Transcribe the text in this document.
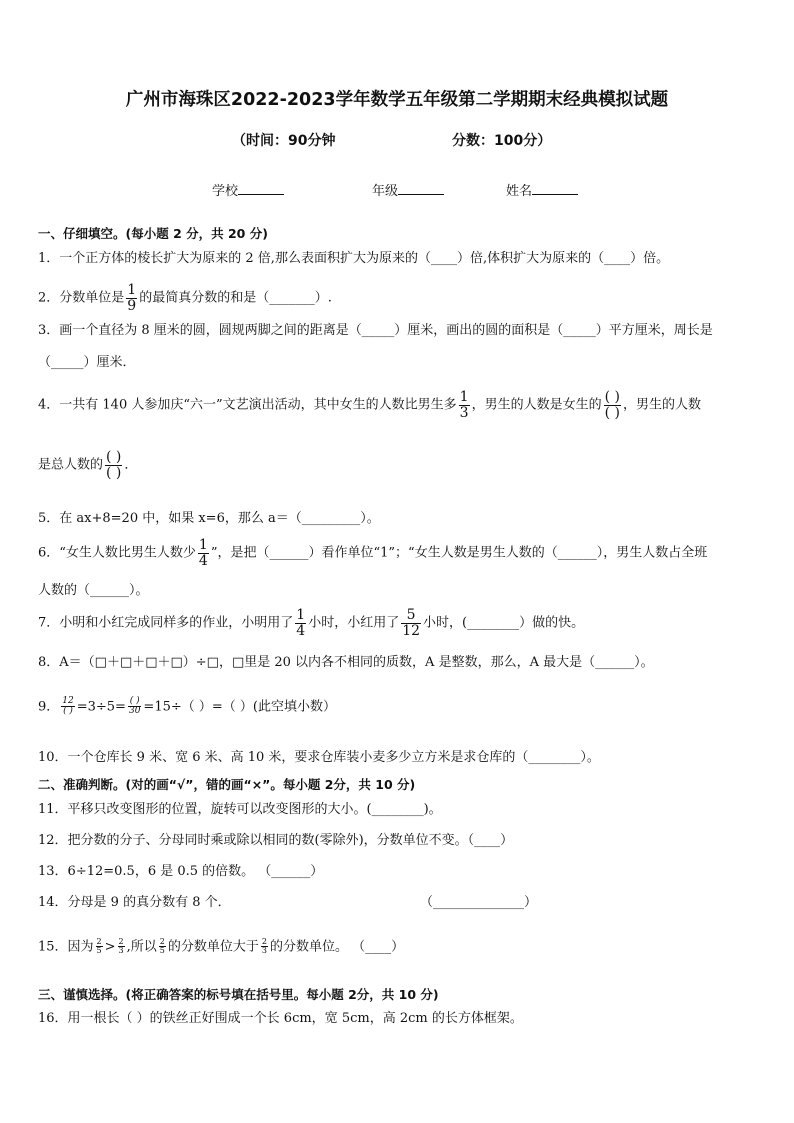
广州市海珠区2022-2023学年数学五年级第二学期期末经典模拟试题
（时间：90分钟	分数：100分）
学校	年级	姓名
一、仔细填空。(每小题 2 分，共 20 分)
1．一个正方体的棱长扩大为原来的 2 倍,那么表面积扩大为原来的（____）倍,体积扩大为原来的（____）倍。
2．分数单位是 $\frac{1}{9}$ 的最简真分数的和是（_______）.
3．画一个直径为 8 厘米的圆，圆规两脚之间的距离是（_____）厘米，画出的圆的面积是（_____）平方厘米，周长是
（_____）厘米．
4．一共有 140 人参加庆“六一”文艺演出活动，其中女生的人数比男生多 $\frac{1}{3}$ ，男生的人数是女生的 $\frac{( )}{( )}$ ，男生的人数
是总人数的 $\frac{( )}{( )}$ ．
5．在 ax+8=20 中，如果 x=6，那么 a＝（_________）。
6．“女生人数比男生人数少 $\frac{1}{4}$ ”，是把（______）看作单位“1”；“女生人数是男生人数的（______），男生人数占全班
人数的（______）。
7．小明和小红完成同样多的作业，小明用了 $\frac{1}{4}$ 小时，小红用了 $\frac{5}{12}$ 小时，(________）做的快。
8．A＝（□＋□＋□＋□）÷□，□里是 20 以内各不相同的质数，A 是整数，那么，A 最大是（______）。
9． $\frac{12}{( )} =3\div 5= \frac{( )}{30} =15\div$（ ）=（ ）(此空填小数）
10．一个仓库长 9 米、宽 6 米、高 10 米，要求仓库装小麦多少立方米是求仓库的（________）。
二、准确判断。(对的画“√”，错的画“×”。每小题 2分，共 10 分)
11．平移只改变图形的位置，旋转可以改变图形的大小。(________)。
12．把分数的分子、分母同时乘或除以相同的数(零除外)，分数单位不变。（____）
13．6÷12=0.5，6 是 0.5 的倍数。 （______）
14．分母是 9 的真分数有 8 个．	（______________）
15．因为 $\frac{2}{5} > \frac{2}{3}$ ,所以 $\frac{2}{5}$ 的分数单位大于 $\frac{2}{3}$ 的分数单位。 （____）
三、谨慎选择。(将正确答案的标号填在括号里。每小题 2分，共 10 分)
16．用一根长（ ）的铁丝正好围成一个长 6cm，宽 5cm，高 2cm 的长方体框架。
